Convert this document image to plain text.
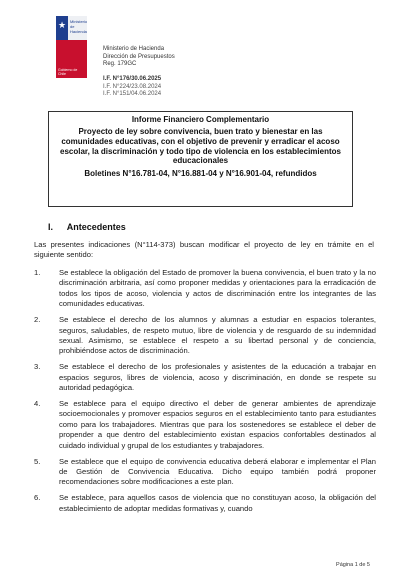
★ Ministerio de Hacienda
Gobierno de Chile
Ministerio de Hacienda
Dirección de Presupuestos
Reg. 179GC
I.F. N°176/30.06.2025
I.F. N°224/23.08.2024
I.F. N°151/04.06.2024
Informe Financiero Complementario
Proyecto de ley sobre convivencia, buen trato y bienestar en las comunidades educativas, con el objetivo de prevenir y erradicar el acoso escolar, la discriminación y todo tipo de violencia en los establecimientos educacionales
Boletines N°16.781-04, N°16.881-04 y N°16.901-04, refundidos
I. Antecedentes
Las presentes indicaciones (N°114-373) buscan modificar el proyecto de ley en trámite en el siguiente sentido:
1. Se establece la obligación del Estado de promover la buena convivencia, el buen trato y la no discriminación arbitraria, así como proponer medidas y orientaciones para la erradicación de todos los tipos de acoso, violencia y actos de discriminación entre los integrantes de las comunidades educativas.
2. Se establece el derecho de los alumnos y alumnas a estudiar en espacios tolerantes, seguros, saludables, de respeto mutuo, libre de violencia y de resguardo de su indemnidad sexual. Asimismo, se establece el respeto a su libertad personal y de conciencia, prohibiéndose actos de discriminación.
3. Se establece el derecho de los profesionales y asistentes de la educación a trabajar en espacios seguros, libres de violencia, acoso y discriminación, en donde se respete su autoridad pedagógica.
4. Se establece para el equipo directivo el deber de generar ambientes de aprendizaje socioemocionales y promover espacios seguros en el establecimiento tanto para estudiantes como para los trabajadores. Mientras que para los sostenedores se establece el deber de propender a que dentro del establecimiento existan espacios confortables destinados al cuidado individual y grupal de los estudiantes y trabajadores.
5. Se establece que el equipo de convivencia educativa deberá elaborar e implementar el Plan de Gestión de Convivencia Educativa. Dicho equipo también podrá proponer recomendaciones sobre modificaciones a este plan.
6. Se establece, para aquellos casos de violencia que no constituyan acoso, la obligación del establecimiento de adoptar medidas formativas y, cuando
Página 1 de 5
